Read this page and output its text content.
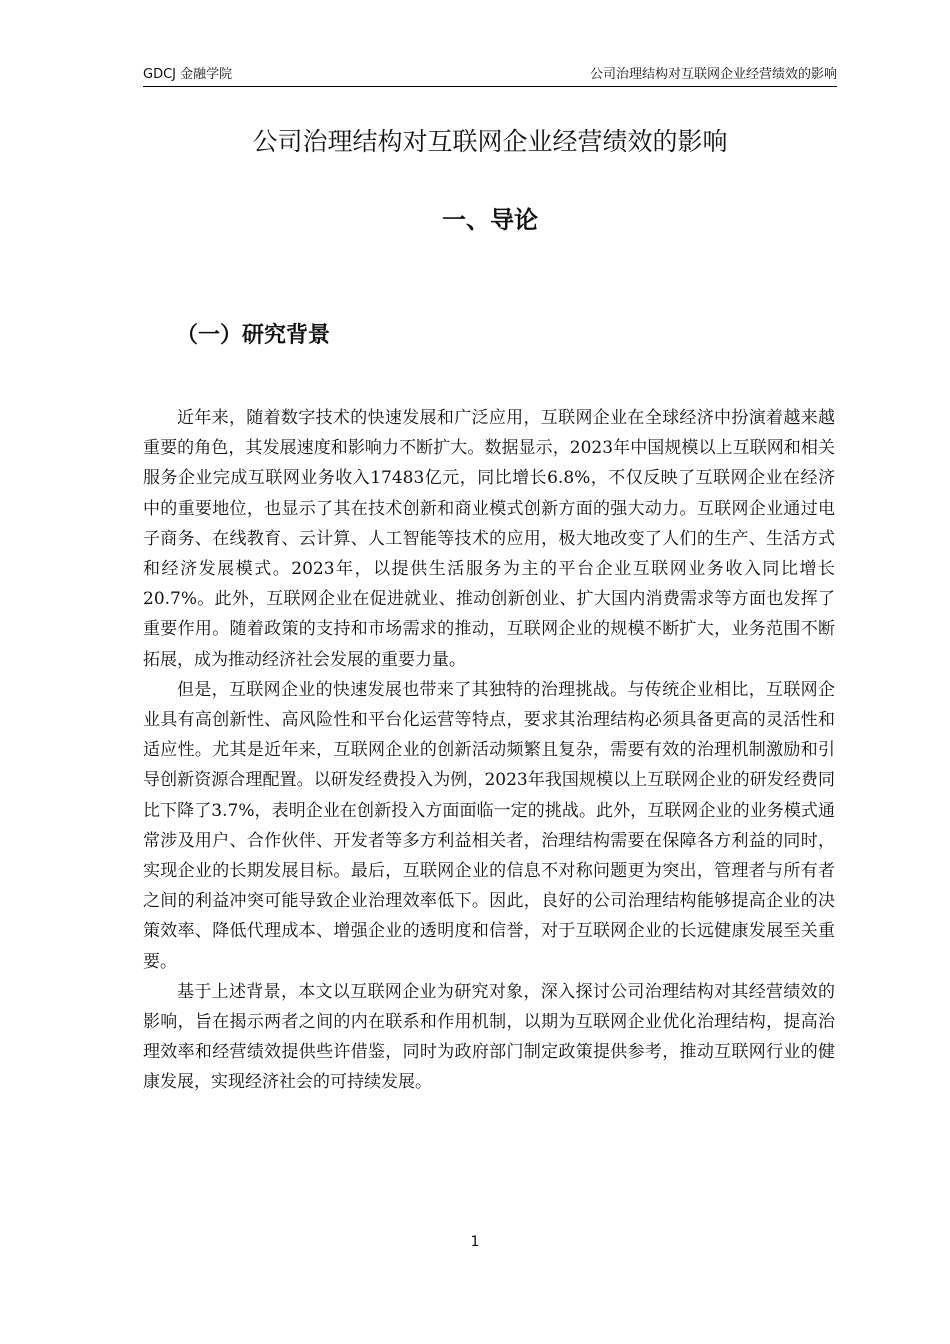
GDCJ 金融学院	公司治理结构对互联网企业经营绩效的影响
公司治理结构对互联网企业经营绩效的影响
一、导论
（一）研究背景

近年来，随着数字技术的快速发展和广泛应用，互联网企业在全球经济中扮演着越来越重要的角色，其发展速度和影响力不断扩大。数据显示，2023年中国规模以上互联网和相关服务企业完成互联网业务收入17483亿元，同比增长6.8%，不仅反映了互联网企业在经济中的重要地位，也显示了其在技术创新和商业模式创新方面的强大动力。互联网企业通过电子商务、在线教育、云计算、人工智能等技术的应用，极大地改变了人们的生产、生活方式和经济发展模式。2023年，以提供生活服务为主的平台企业互联网业务收入同比增长20.7%。此外，互联网企业在促进就业、推动创新创业、扩大国内消费需求等方面也发挥了重要作用。随着政策的支持和市场需求的推动，互联网企业的规模不断扩大，业务范围不断拓展，成为推动经济社会发展的重要力量。

但是，互联网企业的快速发展也带来了其独特的治理挑战。与传统企业相比，互联网企业具有高创新性、高风险性和平台化运营等特点，要求其治理结构必须具备更高的灵活性和适应性。尤其是近年来，互联网企业的创新活动频繁且复杂，需要有效的治理机制激励和引导创新资源合理配置。以研发经费投入为例，2023年我国规模以上互联网企业的研发经费同比下降了3.7%，表明企业在创新投入方面面临一定的挑战。此外，互联网企业的业务模式通常涉及用户、合作伙伴、开发者等多方利益相关者，治理结构需要在保障各方利益的同时，实现企业的长期发展目标。最后，互联网企业的信息不对称问题更为突出，管理者与所有者之间的利益冲突可能导致企业治理效率低下。因此，良好的公司治理结构能够提高企业的决策效率、降低代理成本、增强企业的透明度和信誉，对于互联网企业的长远健康发展至关重要。

基于上述背景，本文以互联网企业为研究对象，深入探讨公司治理结构对其经营绩效的影响，旨在揭示两者之间的内在联系和作用机制，以期为互联网企业优化治理结构，提高治理效率和经营绩效提供些许借鉴，同时为政府部门制定政策提供参考，推动互联网行业的健康发展，实现经济社会的可持续发展。

1
